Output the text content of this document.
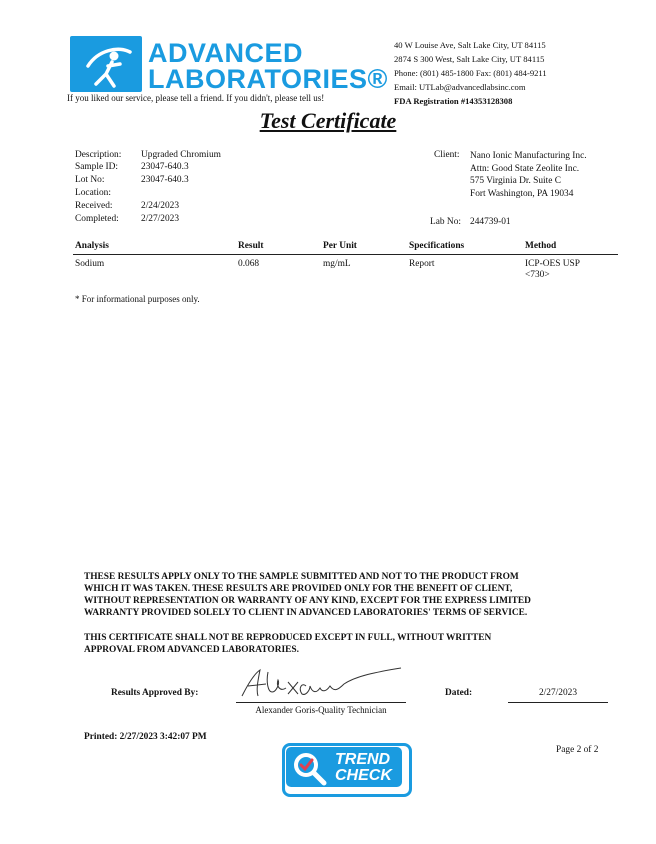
ADVANCED
LABORATORIES®
If you liked our service, please tell a friend. If you didn't, please tell us!
40 W Louise Ave, Salt Lake City, UT 84115
2874 S 300 West, Salt Lake City, UT 84115
Phone: (801) 485-1800 Fax: (801) 484-9211
Email: UTLab@advancedlabsinc.com
FDA Registration #14353128308
Test Certificate
Description: Upgraded Chromium
Sample ID: 23047-640.3
Lot No:	23047-640.3
Location:
Received:	2/24/2023
Completed: 2/27/2023
Client: Nano Ionic Manufacturing Inc.
Attn: Good State Zeolite Inc.
575 Virginia Dr. Suite C
Fort Washington, PA 19034
Lab No: 244739-01
Analysis	Result	Per Unit	Specifications	Method
Sodium	0.068	mg/mL	Report	ICP-OES USP
<730>
* For informational purposes only.
THESE RESULTS APPLY ONLY TO THE SAMPLE SUBMITTED AND NOT TO THE PRODUCT FROM
WHICH IT WAS TAKEN. THESE RESULTS ARE PROVIDED ONLY FOR THE BENEFIT OF CLIENT,
WITHOUT REPRESENTATION OR WARRANTY OF ANY KIND, EXCEPT FOR THE EXPRESS LIMITED
WARRANTY PROVIDED SOLELY TO CLIENT IN ADVANCED LABORATORIES' TERMS OF SERVICE.
THIS CERTIFICATE SHALL NOT BE REPRODUCED EXCEPT IN FULL, WITHOUT WRITTEN
APPROVAL FROM ADVANCED LABORATORIES.
Results Approved By:
Alexander Goris-Quality Technician
Dated:	2/27/2023
Printed: 2/27/2023 3:42:07 PM
TREND
CHECK
Page 2 of 2
